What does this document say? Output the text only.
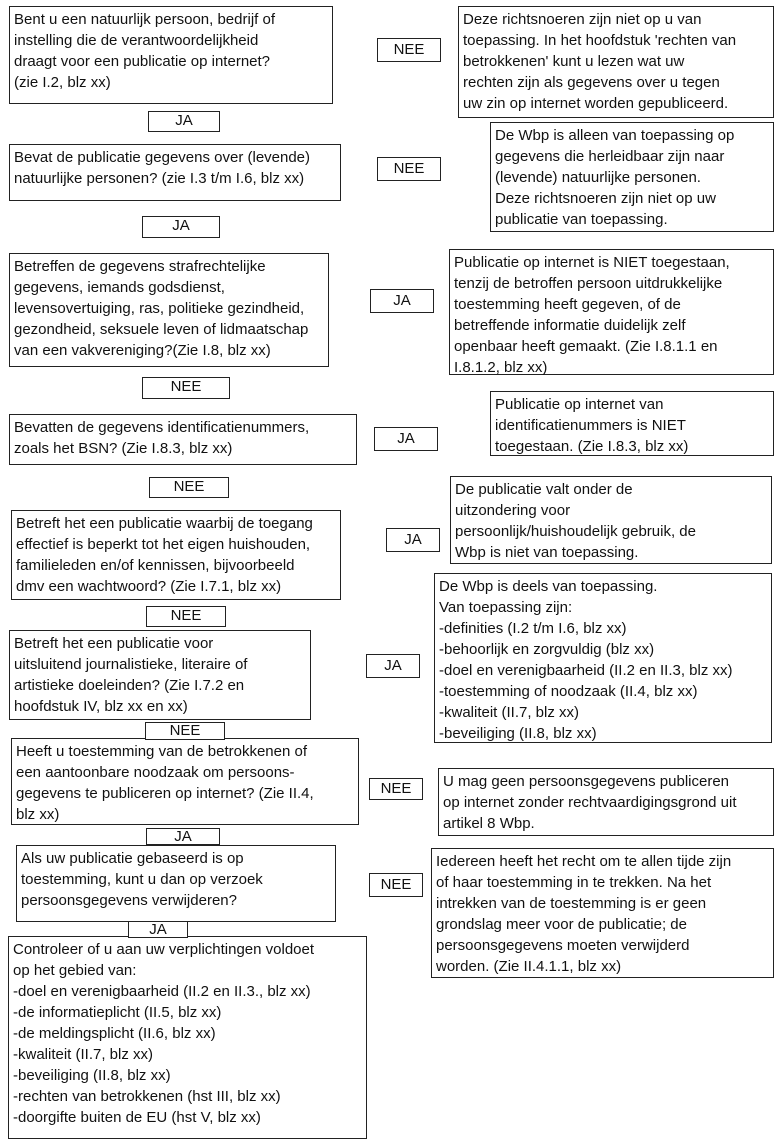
Bent u een natuurlijk persoon, bedrijf of
instelling die de verantwoordelijkheid
draagt voor een publicatie op internet?
(zie I.2, blz xx)
Bevat de publicatie gegevens over (levende)
natuurlijke personen? (zie I.3 t/m I.6, blz xx)
Betreffen de gegevens strafrechtelijke
gegevens, iemands godsdienst,
levensovertuiging, ras, politieke gezindheid,
gezondheid, seksuele leven of lidmaatschap
van een vakvereniging?(Zie I.8, blz xx)
Bevatten de gegevens identificatienummers,
zoals het BSN? (Zie I.8.3, blz xx)
Betreft het een publicatie waarbij de toegang
effectief is beperkt tot het eigen huishouden,
familieleden en/of kennissen, bijvoorbeeld
dmv een wachtwoord? (Zie I.7.1, blz xx)
Betreft het een publicatie voor
uitsluitend journalistieke, literaire of
artistieke doeleinden? (Zie I.7.2 en
hoofdstuk IV, blz xx en xx)
Heeft u toestemming van de betrokkenen of
een aantoonbare noodzaak om persoons-
gegevens te publiceren op internet? (Zie II.4,
blz xx)
Als uw publicatie gebaseerd is op
toestemming, kunt u dan op verzoek
persoonsgegevens verwijderen?
Controleer of u aan uw verplichtingen voldoet
op het gebied van:
-doel en verenigbaarheid (II.2 en II.3., blz xx)
-de informatieplicht (II.5, blz xx)
-de meldingsplicht (II.6, blz xx)
-kwaliteit (II.7, blz xx)
-beveiliging (II.8, blz xx)
-rechten van betrokkenen (hst III, blz xx)
-doorgifte buiten de EU (hst V, blz xx)
Deze richtsnoeren zijn niet op u van
toepassing. In het hoofdstuk 'rechten van
betrokkenen' kunt u lezen wat uw
rechten zijn als gegevens over u tegen
uw zin op internet worden gepubliceerd.
De Wbp is alleen van toepassing op
gegevens die herleidbaar zijn naar
(levende) natuurlijke personen.
Deze richtsnoeren zijn niet op uw
publicatie van toepassing.
Publicatie op internet is NIET toegestaan,
tenzij de betroffen persoon uitdrukkelijke
toestemming heeft gegeven, of de
betreffende informatie duidelijk zelf
openbaar heeft gemaakt. (Zie I.8.1.1 en
I.8.1.2, blz xx)
Publicatie op internet van
identificatienummers is NIET
toegestaan. (Zie I.8.3, blz xx)
De publicatie valt onder de
uitzondering voor
persoonlijk/huishoudelijk gebruik, de
Wbp is niet van toepassing.
De Wbp is deels van toepassing.
Van toepassing zijn:
-definities (I.2 t/m I.6, blz xx)
-behoorlijk en zorgvuldig (blz xx)
-doel en verenigbaarheid (II.2 en II.3, blz xx)
-toestemming of noodzaak (II.4, blz xx)
-kwaliteit (II.7, blz xx)
-beveiliging (II.8, blz xx)
U mag geen persoonsgegevens publiceren
op internet zonder rechtvaardigingsgrond uit
artikel 8 Wbp.
Iedereen heeft het recht om te allen tijde zijn
of haar toestemming in te trekken. Na het
intrekken van de toestemming is er geen
grondslag meer voor de publicatie; de
persoonsgegevens moeten verwijderd
worden. (Zie II.4.1.1, blz xx)
NEE
NEE
JA
JA
JA
JA
NEE
NEE
JA
JA
NEE
NEE
NEE
NEE
JA
JA
